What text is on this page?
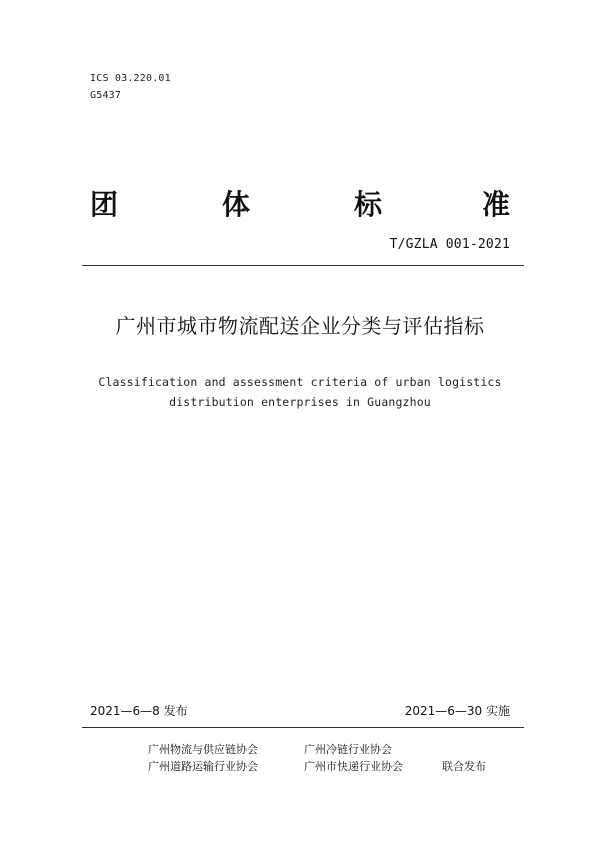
ICS 03.220.01
G5437
团	体	标	准
T/GZLA 001-2021
广州市城市物流配送企业分类与评估指标
Classification and assessment criteria of urban logistics
distribution enterprises in Guangzhou
2021—6—8 发布	2021—6—30 实施
广州物流与供应链协会	广州冷链行业协会
广州道路运输行业协会	广州市快递行业协会	联合发布
